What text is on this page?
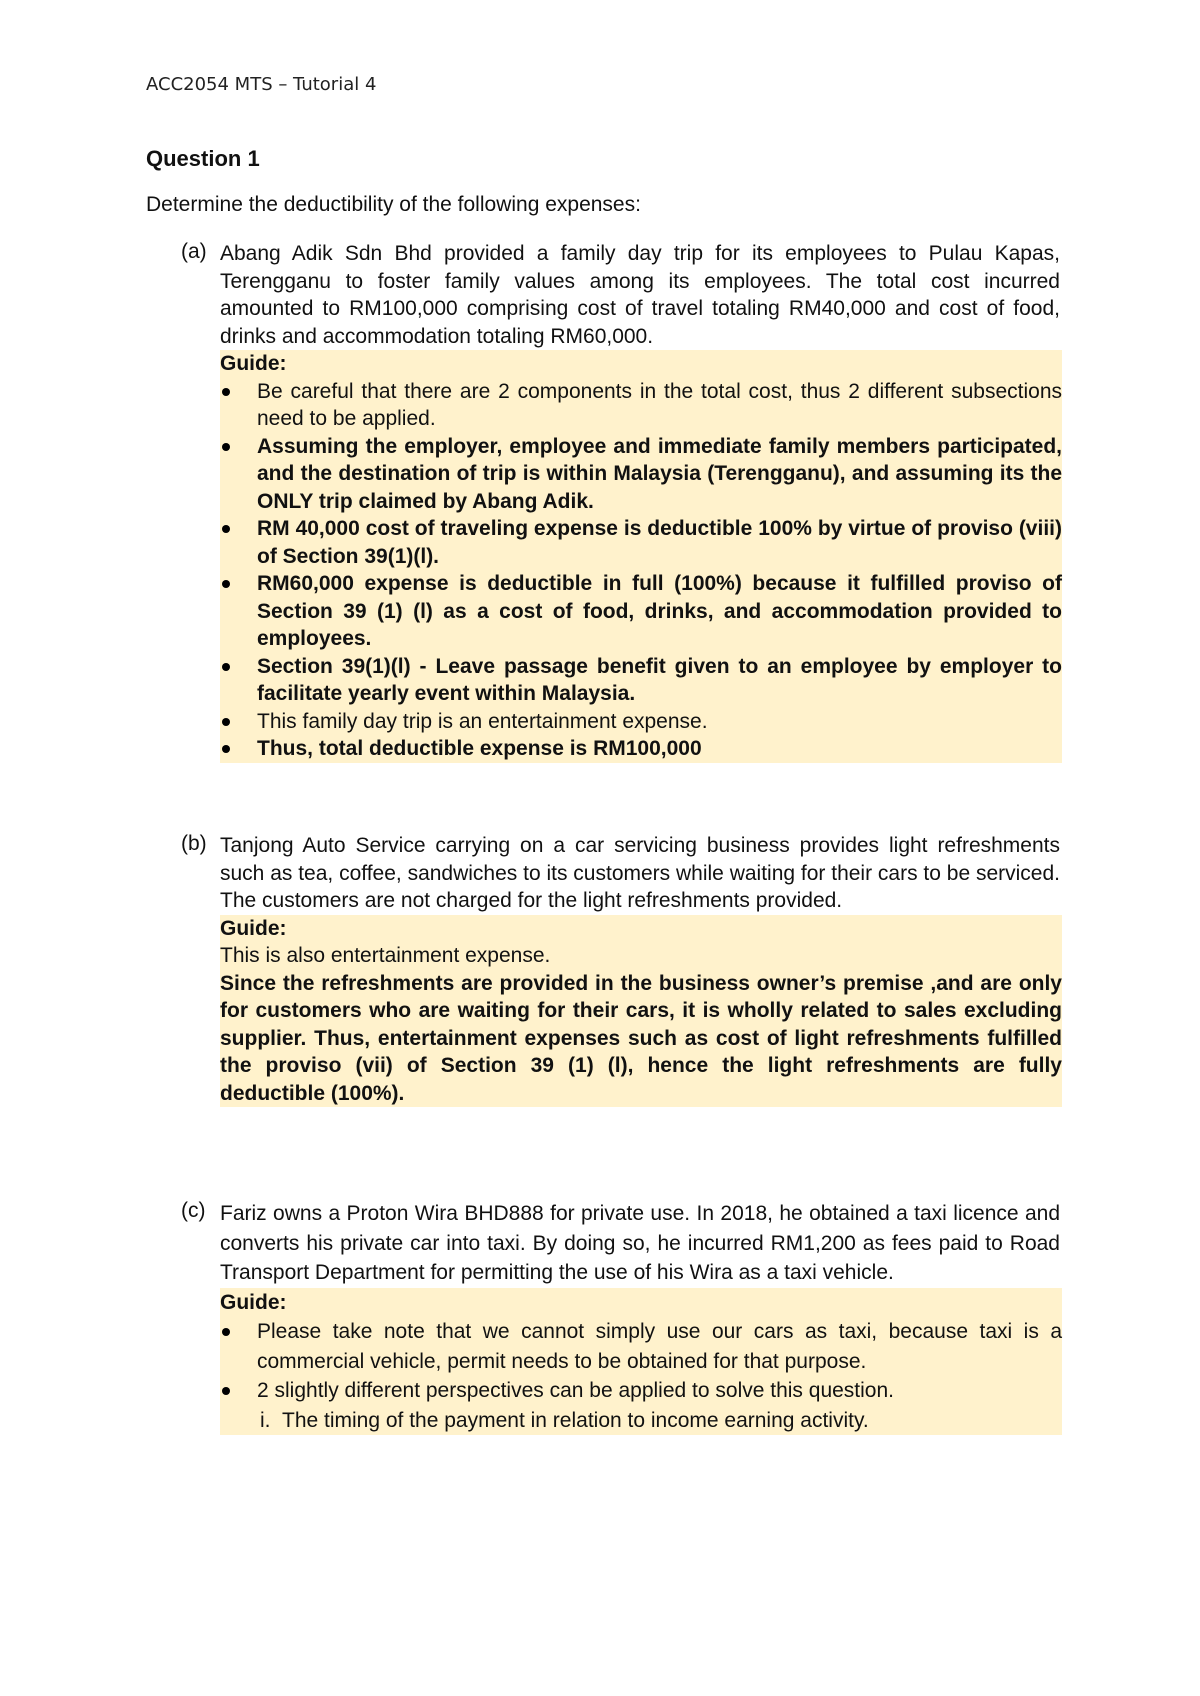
ACC2054 MTS – Tutorial 4
Question 1
Determine the deductibility of the following expenses:
(a) Abang Adik Sdn Bhd provided a family day trip for its employees to Pulau Kapas, Terengganu to foster family values among its employees. The total cost incurred amounted to RM100,000 comprising cost of travel totaling RM40,000 and cost of food, drinks and accommodation totaling RM60,000.
Guide:
Be careful that there are 2 components in the total cost, thus 2 different subsections need to be applied.
Assuming the employer, employee and immediate family members participated, and the destination of trip is within Malaysia (Terengganu), and assuming its the ONLY trip claimed by Abang Adik.
RM 40,000 cost of traveling expense is deductible 100% by virtue of proviso (viii) of Section 39(1)(l).
RM60,000 expense is deductible in full (100%) because it fulfilled proviso of Section 39 (1) (l) as a cost of food, drinks, and accommodation provided to employees.
Section 39(1)(l) - Leave passage benefit given to an employee by employer to facilitate yearly event within Malaysia.
This family day trip is an entertainment expense.
Thus, total deductible expense is RM100,000
(b) Tanjong Auto Service carrying on a car servicing business provides light refreshments such as tea, coffee, sandwiches to its customers while waiting for their cars to be serviced. The customers are not charged for the light refreshments provided.
Guide:
This is also entertainment expense.
Since the refreshments are provided in the business owner’s premise ,and are only for customers who are waiting for their cars, it is wholly related to sales excluding supplier. Thus, entertainment expenses such as cost of light refreshments fulfilled the proviso (vii) of Section 39 (1) (l), hence the light refreshments are fully deductible (100%).
(c) Fariz owns a Proton Wira BHD888 for private use. In 2018, he obtained a taxi licence and converts his private car into taxi. By doing so, he incurred RM1,200 as fees paid to Road Transport Department for permitting the use of his Wira as a taxi vehicle.
Guide:
Please take note that we cannot simply use our cars as taxi, because taxi is a commercial vehicle, permit needs to be obtained for that purpose.
2 slightly different perspectives can be applied to solve this question.
i. The timing of the payment in relation to income earning activity.
